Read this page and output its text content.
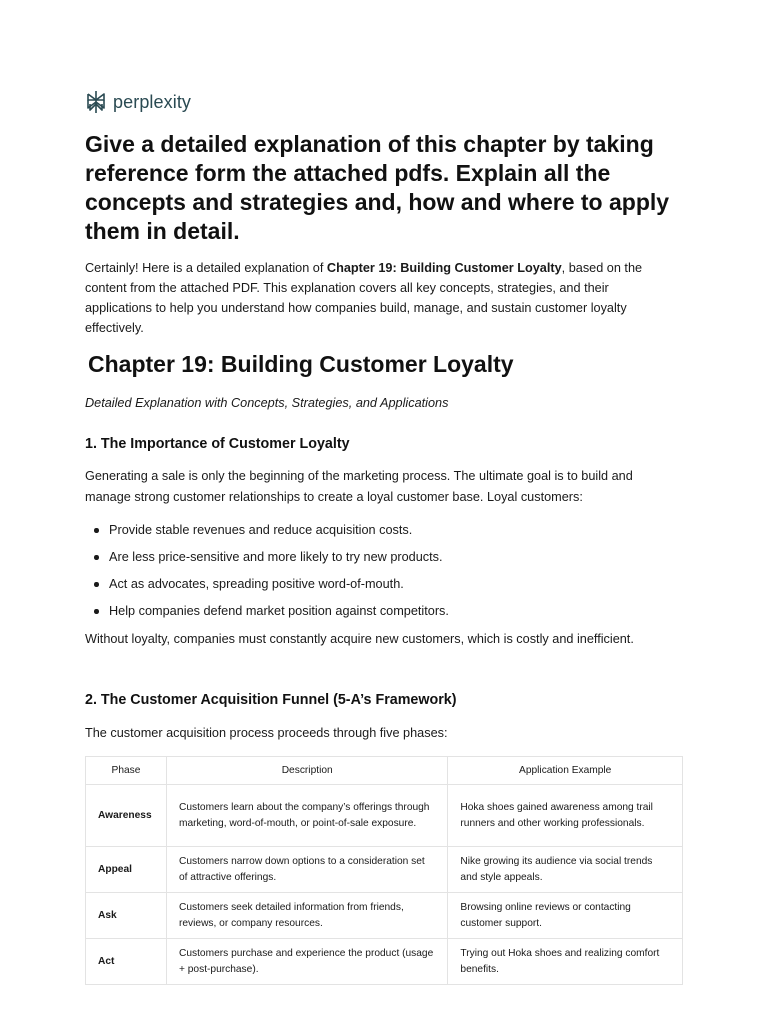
perplexity
Give a detailed explanation of this chapter by taking reference form the attached pdfs. Explain all the concepts and strategies and, how and where to apply them in detail.

Certainly! Here is a detailed explanation of Chapter 19: Building Customer Loyalty, based on the content from the attached PDF. This explanation covers all key concepts, strategies, and their applications to help you understand how companies build, manage, and sustain customer loyalty effectively.

Chapter 19: Building Customer Loyalty

Detailed Explanation with Concepts, Strategies, and Applications

1. The Importance of Customer Loyalty

Generating a sale is only the beginning of the marketing process. The ultimate goal is to build and manage strong customer relationships to create a loyal customer base. Loyal customers:

Provide stable revenues and reduce acquisition costs.
Are less price-sensitive and more likely to try new products.
Act as advocates, spreading positive word-of-mouth.
Help companies defend market position against competitors.

Without loyalty, companies must constantly acquire new customers, which is costly and inefficient.

2. The Customer Acquisition Funnel (5-A’s Framework)

The customer acquisition process proceeds through five phases:

Phase	Description	Application Example
Awareness	Customers learn about the company’s offerings through marketing, word-of-mouth, or point-of-sale exposure.	Hoka shoes gained awareness among trail runners and other working professionals.
Appeal	Customers narrow down options to a consideration set of attractive offerings.	Nike growing its audience via social trends and style appeals.
Ask	Customers seek detailed information from friends, reviews, or company resources.	Browsing online reviews or contacting customer support.
Act	Customers purchase and experience the product (usage + post-purchase).	Trying out Hoka shoes and realizing comfort benefits.
